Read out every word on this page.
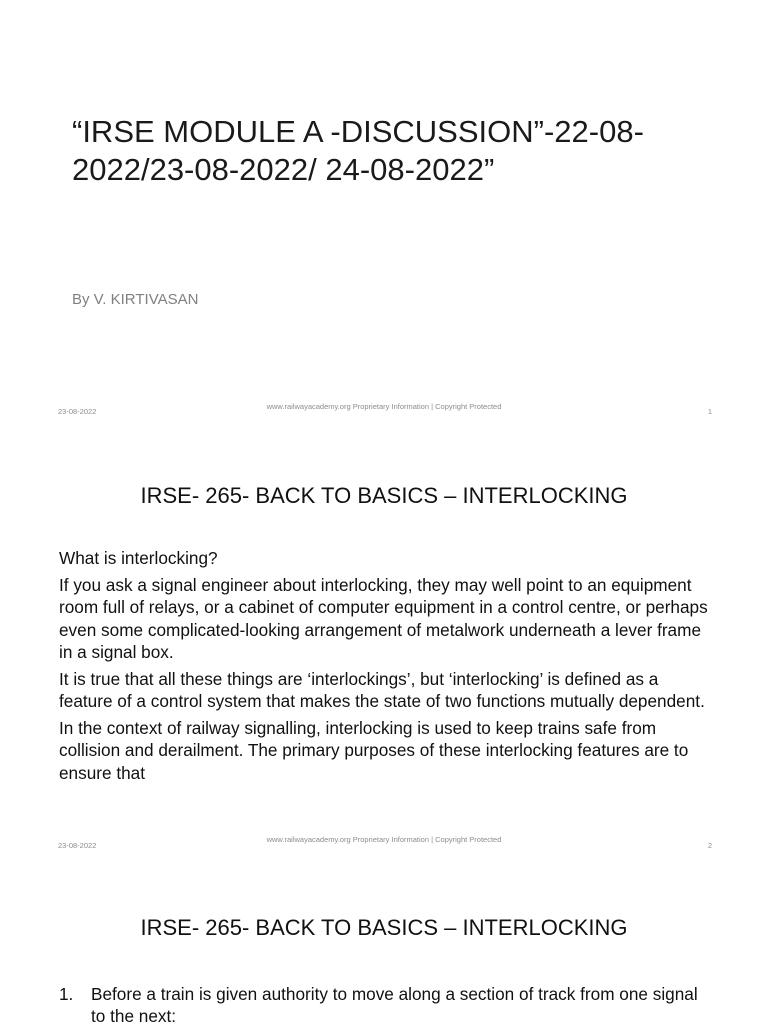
“IRSE MODULE A -DISCUSSION”-22-08-2022/23-08-2022/ 24-08-2022”

By V. KIRTIVASAN

23-08-2022
www.railwayacademy.org Proprietary Information | Copyright Protected
1
IRSE- 265- BACK TO BASICS – INTERLOCKING

What is interlocking?

If you ask a signal engineer about interlocking, they may well point to an equipment room full of relays, or a cabinet of computer equipment in a control centre, or perhaps even some complicated-looking arrangement of metalwork underneath a lever frame in a signal box.

It is true that all these things are ‘interlockings’, but ‘interlocking’ is defined as a feature of a control system that makes the state of two functions mutually dependent.

In the context of railway signalling, interlocking is used to keep trains safe from collision and derailment. The primary purposes of these interlocking features are to ensure that

23-08-2022
www.railwayacademy.org Proprietary Information | Copyright Protected
2
IRSE- 265- BACK TO BASICS – INTERLOCKING
1.	Before a train is given authority to move along a section of track from one signal to the next:
